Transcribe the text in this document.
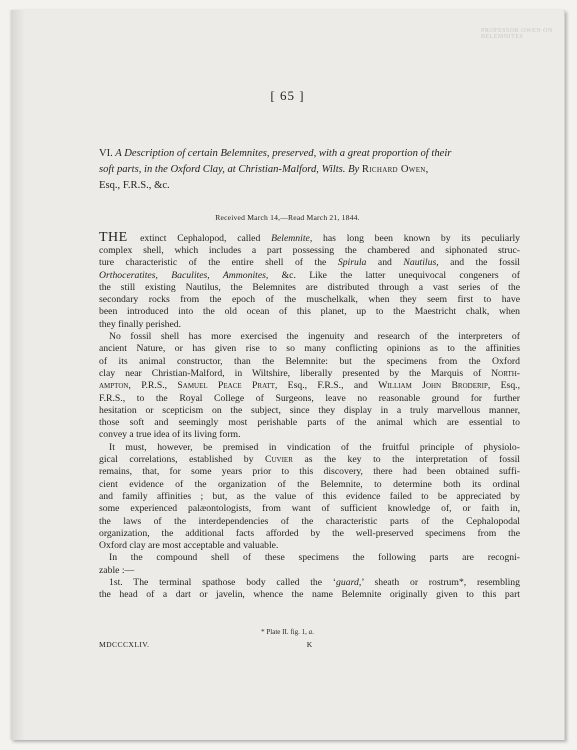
PROFESSOR OWEN ON BELEMNITES
[ 65 ]
VI. A Description of certain Belemnites, preserved, with a great proportion of their
soft parts, in the Oxford Clay, at Christian-Malford, Wilts. By Richard Owen,
Esq., F.R.S., &c.
Received March 14,—Read March 21, 1844.
THE extinct Cephalopod, called Belemnite, has long been known by its peculiarly
complex shell, which includes a part possessing the chambered and siphonated struc-
ture characteristic of the entire shell of the Spirula and Nautilus, and the fossil
Orthoceratites, Baculites, Ammonites, &c. Like the latter unequivocal congeners of
the still existing Nautilus, the Belemnites are distributed through a vast series of the
secondary rocks from the epoch of the muschelkalk, when they seem first to have
been introduced into the old ocean of this planet, up to the Maestricht chalk, when
they finally perished.
No fossil shell has more exercised the ingenuity and research of the interpreters of
ancient Nature, or has given rise to so many conflicting opinions as to the affinities
of its animal constructor, than the Belemnite: but the specimens from the Oxford
clay near Christian-Malford, in Wiltshire, liberally presented by the Marquis of North-
ampton, P.R.S., Samuel Peace Pratt, Esq., F.R.S., and William John Broderip, Esq.,
F.R.S., to the Royal College of Surgeons, leave no reasonable ground for further
hesitation or scepticism on the subject, since they display in a truly marvellous manner,
those soft and seemingly most perishable parts of the animal which are essential to
convey a true idea of its living form.
It must, however, be premised in vindication of the fruitful principle of physiolo-
gical correlations, established by Cuvier as the key to the interpretation of fossil
remains, that, for some years prior to this discovery, there had been obtained suffi-
cient evidence of the organization of the Belemnite, to determine both its ordinal
and family affinities ; but, as the value of this evidence failed to be appreciated by
some experienced palæontologists, from want of sufficient knowledge of, or faith in,
the laws of the interdependencies of the characteristic parts of the Cephalopodal
organization, the additional facts afforded by the well-preserved specimens from the
Oxford clay are most acceptable and valuable.
In the compound shell of these specimens the following parts are recogni-
zable :—
1st. The terminal spathose body called the ‘guard,’ sheath or rostrum*, resembling
the head of a dart or javelin, whence the name Belemnite originally given to this part
* Plate II. fig. 1, a.
MDCCCXLIV.	K
